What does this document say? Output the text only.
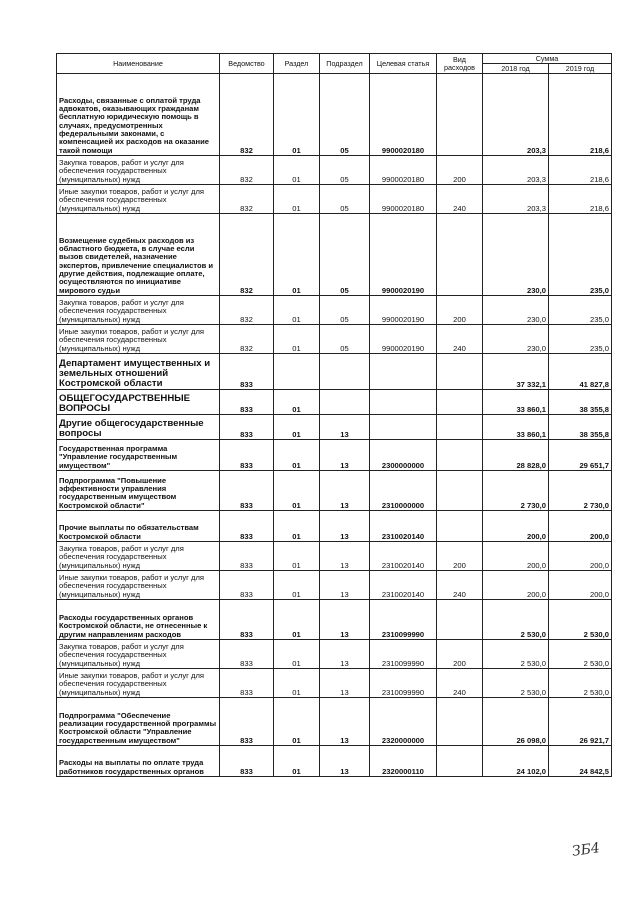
Наименование	Ведомство	Раздел	Подраздел	Целевая статья	Вид расходов	Сумма	
						2018 год	2019 год
Расходы, связанные с оплатой труда адвокатов, оказывающих гражданам бесплатную юридическую помощь в случаях, предусмотренных федеральными законами, с компенсацией их расходов на оказание такой помощи	832	01	05	9900020180		203,3	218,6
Закупка товаров, работ и услуг для обеспечения государственных (муниципальных) нужд	832	01	05	9900020180	200	203,3	218,6
Иные закупки товаров, работ и услуг для обеспечения государственных (муниципальных) нужд	832	01	05	9900020180	240	203,3	218,6
Возмещение судебных расходов из областного бюджета, в случае если вызов свидетелей, назначение экспертов, привлечение специалистов и другие действия, подлежащие оплате, осуществляются по инициативе мирового судьи	832	01	05	9900020190		230,0	235,0
Закупка товаров, работ и услуг для обеспечения государственных (муниципальных) нужд	832	01	05	9900020190	200	230,0	235,0
Иные закупки товаров, работ и услуг для обеспечения государственных (муниципальных) нужд	832	01	05	9900020190	240	230,0	235,0
Департамент имущественных и земельных отношений Костромской области	833					37 332,1	41 827,8
ОБЩЕГОСУДАРСТВЕННЫЕ ВОПРОСЫ	833	01				33 860,1	38 355,8
Другие общегосударственные вопросы	833	01	13			33 860,1	38 355,8
Государственная программа "Управление государственным имуществом"	833	01	13	2300000000		28 828,0	29 651,7
Подпрограмма "Повышение эффективности управления государственным имуществом Костромской области"	833	01	13	2310000000		2 730,0	2 730,0
Прочие выплаты по обязательствам Костромской области	833	01	13	2310020140		200,0	200,0
Закупка товаров, работ и услуг для обеспечения государственных (муниципальных) нужд	833	01	13	2310020140	200	200,0	200,0
Иные закупки товаров, работ и услуг для обеспечения государственных (муниципальных) нужд	833	01	13	2310020140	240	200,0	200,0
Расходы государственных органов Костромской области, не отнесенные к другим направлениям расходов	833	01	13	2310099990		2 530,0	2 530,0
Закупка товаров, работ и услуг для обеспечения государственных (муниципальных) нужд	833	01	13	2310099990	200	2 530,0	2 530,0
Иные закупки товаров, работ и услуг для обеспечения государственных (муниципальных) нужд	833	01	13	2310099990	240	2 530,0	2 530,0
Подпрограмма "Обеспечение реализации государственной программы Костромской области "Управление государственным имуществом"	833	01	13	2320000000		26 098,0	26 921,7
Расходы на выплаты по оплате труда работников государственных органов	833	01	13	2320000110		24 102,0	24 842,5
ЗБ4
